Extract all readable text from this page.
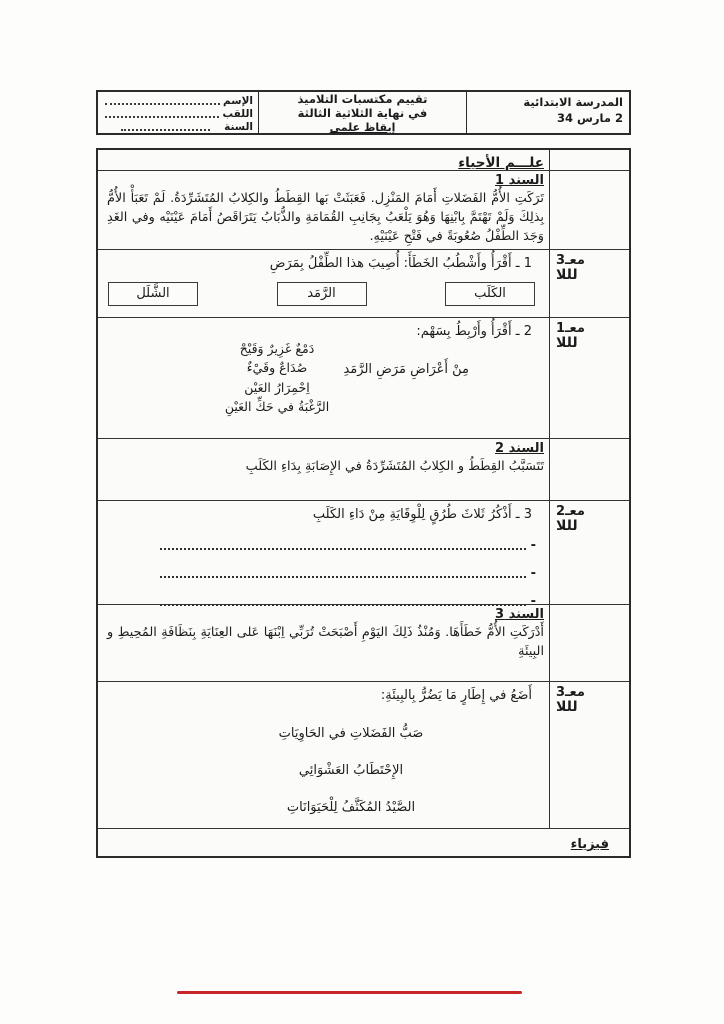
المدرسة الابتدائية
2 مارس 34
تقييم مكتسبات التلاميذ
في نهاية الثلاثية الثالثة
إيقاظ علمي
الإسم
اللقب
السنة
علـــم الأحياء
السند 1
تَرَكَتِ الأُمُّ الفَضَلاتِ أَمَامَ المَنْزِل. فَعَبَثَتْ بَها القِطَطُ والكِلابُ المُتَشَرِّدَةُ. لَمْ تَعَبَأْ الأُمُّ بِذلِكَ وَلَمْ تَهْتَمَّ بِابْنِهَا وَهُوَ يَلْعَبُ بِجَانِبِ القُمَامَةِ والذُّبَابُ يَتَرَاقَصُ أَمَامَ عَيْنَيْه وفي الغَدِ وَجَدَ الطِّفْلُ صُعُوبَةً في فَتْحِ عَيْنَيْهِ.
معـ3
لللا
1 ـ أَقْرَأُ وأَشْطُبُ الخَطَأَ: أُصِيبَ هذا الطِّفْلُ بِمَرَضِ
الكَلَب
الرَّمَد
الشَّلَل
معـ1
لللا
2 ـ أَقْرَأُ وأَرْبِطُ بِسَهْم:
مِنْ أَعْرَاضِ مَرَضِ الرَّمَدِ
دَمْعٌ غَزِيرٌ وَقَيْحْ
صُدَاعٌ وقَيْءٌ
اِحْمِرَارُ العَيْن
الرَّغْبَةُ في حَكِّ العَيْنِ
السند 2
تَتَسَبَّبُ القِطَطُ و الكِلابُ المُتَشَرِّدَةُ في الإِصَابَةِ بِدَاءِ الكَلَبِ
معـ2
لللا
3 ـ أَذْكُرُ ثَلاثَ طُرُقٍ لِلْوِقَايَةِ مِنْ دَاءِ الكَلَبِ
-
-
-
السند 3
أَدْرَكَتِ الأُمُّ خَطَأَهَا. وَمُنْذُ ذَلِكَ اليَوْمِ أَصْبَحَتْ تُرَبِّي اِبْنَهَا عَلى العِنَايَةِ بِنَظَافَةِ المُحِيطِ و البِيئَةِ
معـ3
لللا
أَضَعُ في إِطَارٍ مَا يَضُرُّ بِالبِيئَةِ:
صَبُّ الفَضَلاتِ في الحَاوِيَاتِ
الإِحْتَطَابُ العَشْوَائِي
الصَّيْدُ المُكَثَّفُ لِلْحَيَوَانَاتِ
فيزياء
